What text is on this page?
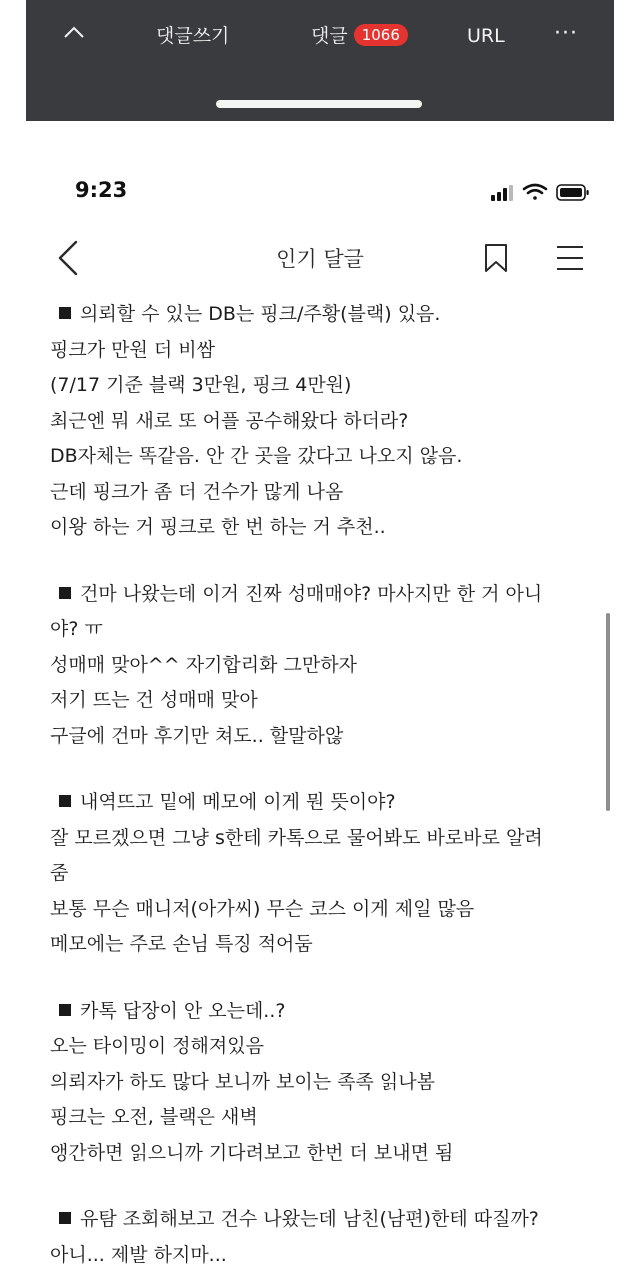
댓글쓰기	댓글 1066	URL ···
9:23
인기 달글
의뢰할 수 있는 DB는 핑크/주황(블랙) 있음.
핑크가 만원 더 비쌈
(7/17 기준 블랙 3만원, 핑크 4만원)
최근엔 뭐 새로 또 어플 공수해왔다 하더라?
DB자체는 똑같음. 안 간 곳을 갔다고 나오지 않음.
근데 핑크가 좀 더 건수가 많게 나옴
이왕 하는 거 핑크로 한 번 하는 거 추천..
건마 나왔는데 이거 진짜 성매매야? 마사지만 한 거 아니
야? ㅠ
성매매 맞아^^ 자기합리화 그만하자
저기 뜨는 건 성매매 맞아
구글에 건마 후기만 쳐도.. 할말하않
내역뜨고 밑에 메모에 이게 뭔 뜻이야?
잘 모르겠으면 그냥 s한테 카톡으로 물어봐도 바로바로 알려
줌
보통 무슨 매니저(아가씨) 무슨 코스 이게 제일 많음
메모에는 주로 손님 특징 적어둠
카톡 답장이 안 오는데..?
오는 타이밍이 정해져있음
의뢰자가 하도 많다 보니까 보이는 족족 읽나봄
핑크는 오전, 블랙은 새벽
앵간하면 읽으니까 기다려보고 한번 더 보내면 됨
유탐 조회해보고 건수 나왔는데 남친(남편)한테 따질까?
아니... 제발 하지마...
